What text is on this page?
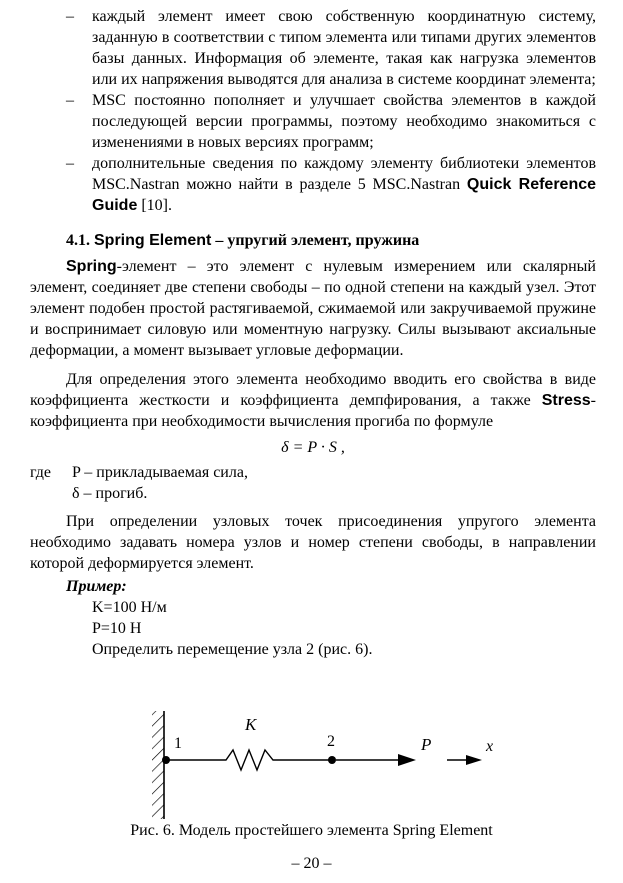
–	каждый элемент имеет свою собственную координатную систему, заданную в соответствии с типом элемента или типами других элементов базы данных. Информация об элементе, такая как нагрузка элементов или их напряжения выводятся для анализа в системе координат элемента;
–	MSC постоянно пополняет и улучшает свойства элементов в каждой последующей версии программы, поэтому необходимо знакомиться с изменениями в новых версиях программ;
–	дополнительные сведения по каждому элементу библиотеки элементов MSC.Nastran можно найти в разделе 5 MSC.Nastran Quick Reference Guide [10].
4.1. Spring Element – упругий элемент, пружина
Spring-элемент – это элемент с нулевым измерением или скалярный элемент, соединяет две степени свободы – по одной степени на каждый узел. Этот элемент подобен простой растягиваемой, сжимаемой или закручиваемой пружине и воспринимает силовую или моментную нагрузку. Силы вызывают аксиальные деформации, а момент вызывает угловые деформации.
Для определения этого элемента необходимо вводить его свойства в виде коэффициента жесткости и коэффициента демпфирования, а также Stress-коэффициента при необходимости вычисления прогиба по формуле
δ = P · S ,
где	P – прикладываемая сила,
δ – прогиб.
При определении узловых точек присоединения упругого элемента необходимо задавать номера узлов и номер степени свободы, в направлении которой деформируется элемент.
Пример:
K=100 Н/м
P=10 Н
Определить перемещение узла 2 (рис. 6).
1
K
2	P	x
Рис. 6. Модель простейшего элемента Spring Element
– 20 –
